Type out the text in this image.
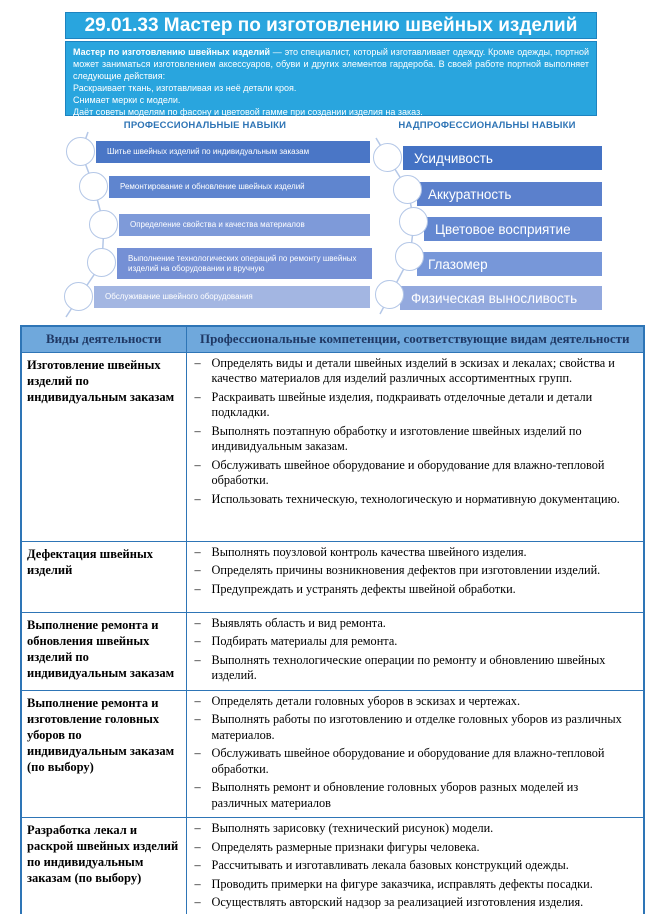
29.01.33 Мастер по изготовлению швейных изделий
Мастер по изготовлению швейных изделий — это специалист, который изготавливает одежду. Кроме одежды, портной может заниматься изготовлением аксессуаров, обуви и других элементов гардероба. В своей работе портной выполняет следующие действия:
Раскраивает ткань, изготавливая из неё детали кроя.
Снимает мерки с модели.
Даёт советы моделям по фасону и цветовой гамме при создании изделия на заказ.
ПРОФЕССИОНАЛЬНЫЕ НАВЫКИ	НАДПРОФЕССИОНАЛЬНЫ НАВЫКИ
Шитье швейных изделий по индивидуальным заказам
Ремонтирование и обновление швейных изделий
Определение свойства и качества материалов
Выполнение технологических операций по ремонту швейных изделий на оборудовании и вручную
Обслуживание швейного оборудования
Усидчивость
Аккуратность
Цветовое восприятие
Глазомер
Физическая выносливость
Виды деятельности	Профессиональные компетенции, соответствующие видам деятельности
Изготовление швейных изделий по индивидуальным заказам	– Определять виды и детали швейных изделий в эскизах и лекалах; свойства и качество материалов для изделий различных ассортиментных групп.
– Раскраивать швейные изделия, подкраивать отделочные детали и детали подкладки.
– Выполнять поэтапную обработку и изготовление швейных изделий по индивидуальным заказам.
– Обслуживать швейное оборудование и оборудование для влажно-тепловой обработки.
– Использовать техническую, технологическую и нормативную документацию.

Дефектация швейных изделий	– Выполнять поузловой контроль качества швейного изделия.
– Определять причины возникновения дефектов при изготовлении изделий.
– Предупреждать и устранять дефекты швейной обработки.

Выполнение ремонта и обновления швейных изделий по индивидуальным заказам	– Выявлять область и вид ремонта.
– Подбирать материалы для ремонта.
– Выполнять технологические операции по ремонту и обновлению швейных изделий.

Выполнение ремонта и изготовление головных уборов по индивидуальным заказам (по выбору)	– Определять детали головных уборов в эскизах и чертежах.
– Выполнять работы по изготовлению и отделке головных уборов из различных материалов.
– Обслуживать швейное оборудование и оборудование для влажно-тепловой обработки.
– Выполнять ремонт и обновление головных уборов разных моделей из различных материалов

Разработка лекал и раскрой швейных изделий по индивидуальным заказам (по выбору)	– Выполнять зарисовку (технический рисунок) модели.
– Определять размерные признаки фигуры человека.
– Рассчитывать и изготавливать лекала базовых конструкций одежды.
– Проводить примерки на фигуре заказчика, исправлять дефекты посадки.
– Осуществлять авторский надзор за реализацией изготовления изделия.
